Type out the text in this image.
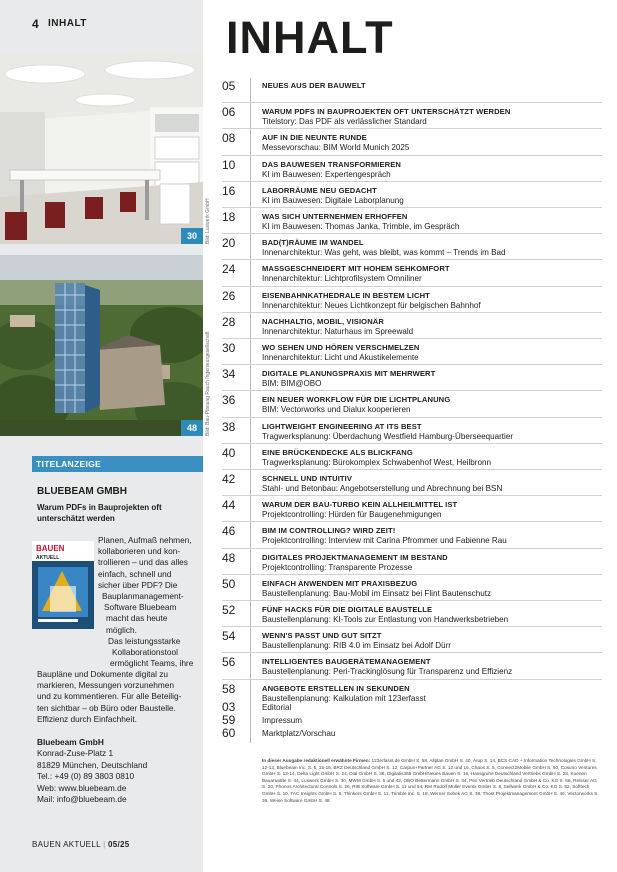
4 INHALT
30	Bild: Luxwerk GmbH
48	Bild: Bau-Planung Rauch Ingenieurgesellschaft
TITELANZEIGE
BLUEBEAM GMBH
Warum PDFs in Bauprojekten oft unterschätzt werden
BAUEN
AKTUELL
Planen, Aufmaß nehmen,
kollaborieren und kon-
trollieren – und das alles
einfach, schnell und
sicher über PDF? Die
Bauplanmanagement-
Software Bluebeam
macht das heute
möglich.
Das leistungsstarke
Kollaborationstool
ermöglicht Teams, ihre
Baupläne und Dokumente digital zu
markieren, Messungen vorzunehmen
und zu kommentieren. Für alle Beteilig-
ten sichtbar – ob Büro oder Baustelle.
Effizienz durch Einfachheit.
Bluebeam GmbH
Konrad-Zuse-Platz 1
81829 München, Deutschland
Tel.: +49 (0) 89 3803 0810
Web: www.bluebeam.de
Mail: info@bluebeam.de
BAUEN AKTUELL | 05/25
INHALT
05	NEUES AUS DER BAUWELT
06	WARUM PDFS IN BAUPROJEKTEN OFT UNTERSCHÄTZT WERDEN
Titelstory: Das PDF als verlässlicher Standard
08	AUF IN DIE NEUNTE RUNDE
Messevorschau: BIM World Munich 2025
10	DAS BAUWESEN TRANSFORMIEREN
KI im Bauwesen: Expertengespräch
16	LABORRÄUME NEU GEDACHT
KI im Bauwesen: Digitale Laborplanung
18	WAS SICH UNTERNEHMEN ERHOFFEN
KI im Bauwesen: Thomas Janka, Trimble, im Gespräch
20	BAD(T)RÄUME IM WANDEL
Innenarchitektur: Was geht, was bleibt, was kommt – Trends im Bad
24	MASSGESCHNEIDERT MIT HOHEM SEHKOMFORT
Innenarchitektur: Lichtprofilsystem Omniliner
26	EISENBAHNKATHEDRALE IN BESTEM LICHT
Innenarchitektur: Neues Lichtkonzept für belgischen Bahnhof
28	NACHHALTIG, MOBIL, VISIONÄR
Innenarchitektur: Naturhaus im Spreewald
30	WO SEHEN UND HÖREN VERSCHMELZEN
Innenarchitektur: Licht und Akustikelemente
34	DIGITALE PLANUNGSPRAXIS MIT MEHRWERT
BIM: BIM@OBO
36	EIN NEUER WORKFLOW FÜR DIE LICHTPLANUNG
BIM: Vectorworks und Dialux kooperieren
38	LIGHTWEIGHT ENGINEERING AT ITS BEST
Tragwerksplanung: Überdachung Westfield Hamburg-Überseequartier
40	EINE BRÜCKENDECKE ALS BLICKFANG
Tragwerksplanung: Bürokomplex Schwabenhof West, Heilbronn
42	SCHNELL UND INTUITIV
Stahl- und Betonbau: Angebotserstellung und Abrechnung bei BSN
44	WARUM DER BAU-TURBO KEIN ALLHEILMITTEL IST
Projektcontrolling: Hürden für Baugenehmigungen
46	BIM IM CONTROLLING? WIRD ZEIT!
Projektcontrolling: Interview mit Carina Pfrommer und Fabienne Rau
48	DIGITALES PROJEKTMANAGEMENT IM BESTAND
Projektcontrolling: Transparente Prozesse
50	EINFACH ANWENDEN MIT PRAXISBEZUG
Baustellenplanung: Bau-Mobil im Einsatz bei Flint Bautenschutz
52	FÜNF HACKS FÜR DIE DIGITALE BAUSTELLE
Baustellenplanung: KI-Tools zur Entlastung von Handwerksbetrieben
54	WENN'S PASST UND GUT SITZT
Baustellenplanung: RIB 4.0 im Einsatz bei Adolf Dürr
56	INTELLIGENTES BAUGERÄTEMANAGEMENT
Baustellenplanung: Peri-Trackinglösung für Transparenz und Effizienz
58	ANGEBOTE ERSTELLEN IN SEKUNDEN
Baustellenplanung: Kalkulation mit 123erfasst
03	Editorial
59	Impressum
60	Marktplatz/Vorschau
In dieser Ausgabe redaktionell erwähnte Firmen: 123erfasst.de GmbH S. 58, Allplan GmbH S. 40, Arup S. 14, BCS CAD + Information Technologies GmbH S. 12-13, Bluebeam Inc. S. 6, 15-16, BRZ Deutschland GmbH S. 12, Carpus+Partner AG S. 12 und 16, Chaos S. 5, Connect2Mobile GmbH S. 50, Cosuno Ventures GmbH S. 13-14, Delta Light GmbH S. 24, Dial GmbH S. 36, Digitalis365 GmbH/Neues Bauen S. 16, Hansgrohe Deutschland Vertriebs GmbH S. 28, Koenen Bauanwälte S. 44, Luxwerk GmbH S. 30, MWM GmbH S. 5 und 42, OBO Bettermann GmbH S. 34, Peri Vertrieb Deutschland GmbH & Co. KG S. 56, Reisser AG S. 20, Phonos Architectural Controls S. 26, RIB Software GmbH S. 11 und 54, RM Rudolf Müller Events GmbH S. 8, Sellwerk GmbH & Co. KG S. 52, Softtech GmbH S. 10, TAC Insights GmbH S. 5, Thinkers GmbH S. 11, Trimble Inc. S. 18, Werner Sobek AG S. 38, Thost Projektmanagement GmbH S. 46, Vectorworks S. 36, Weise Software GmbH S. 48
